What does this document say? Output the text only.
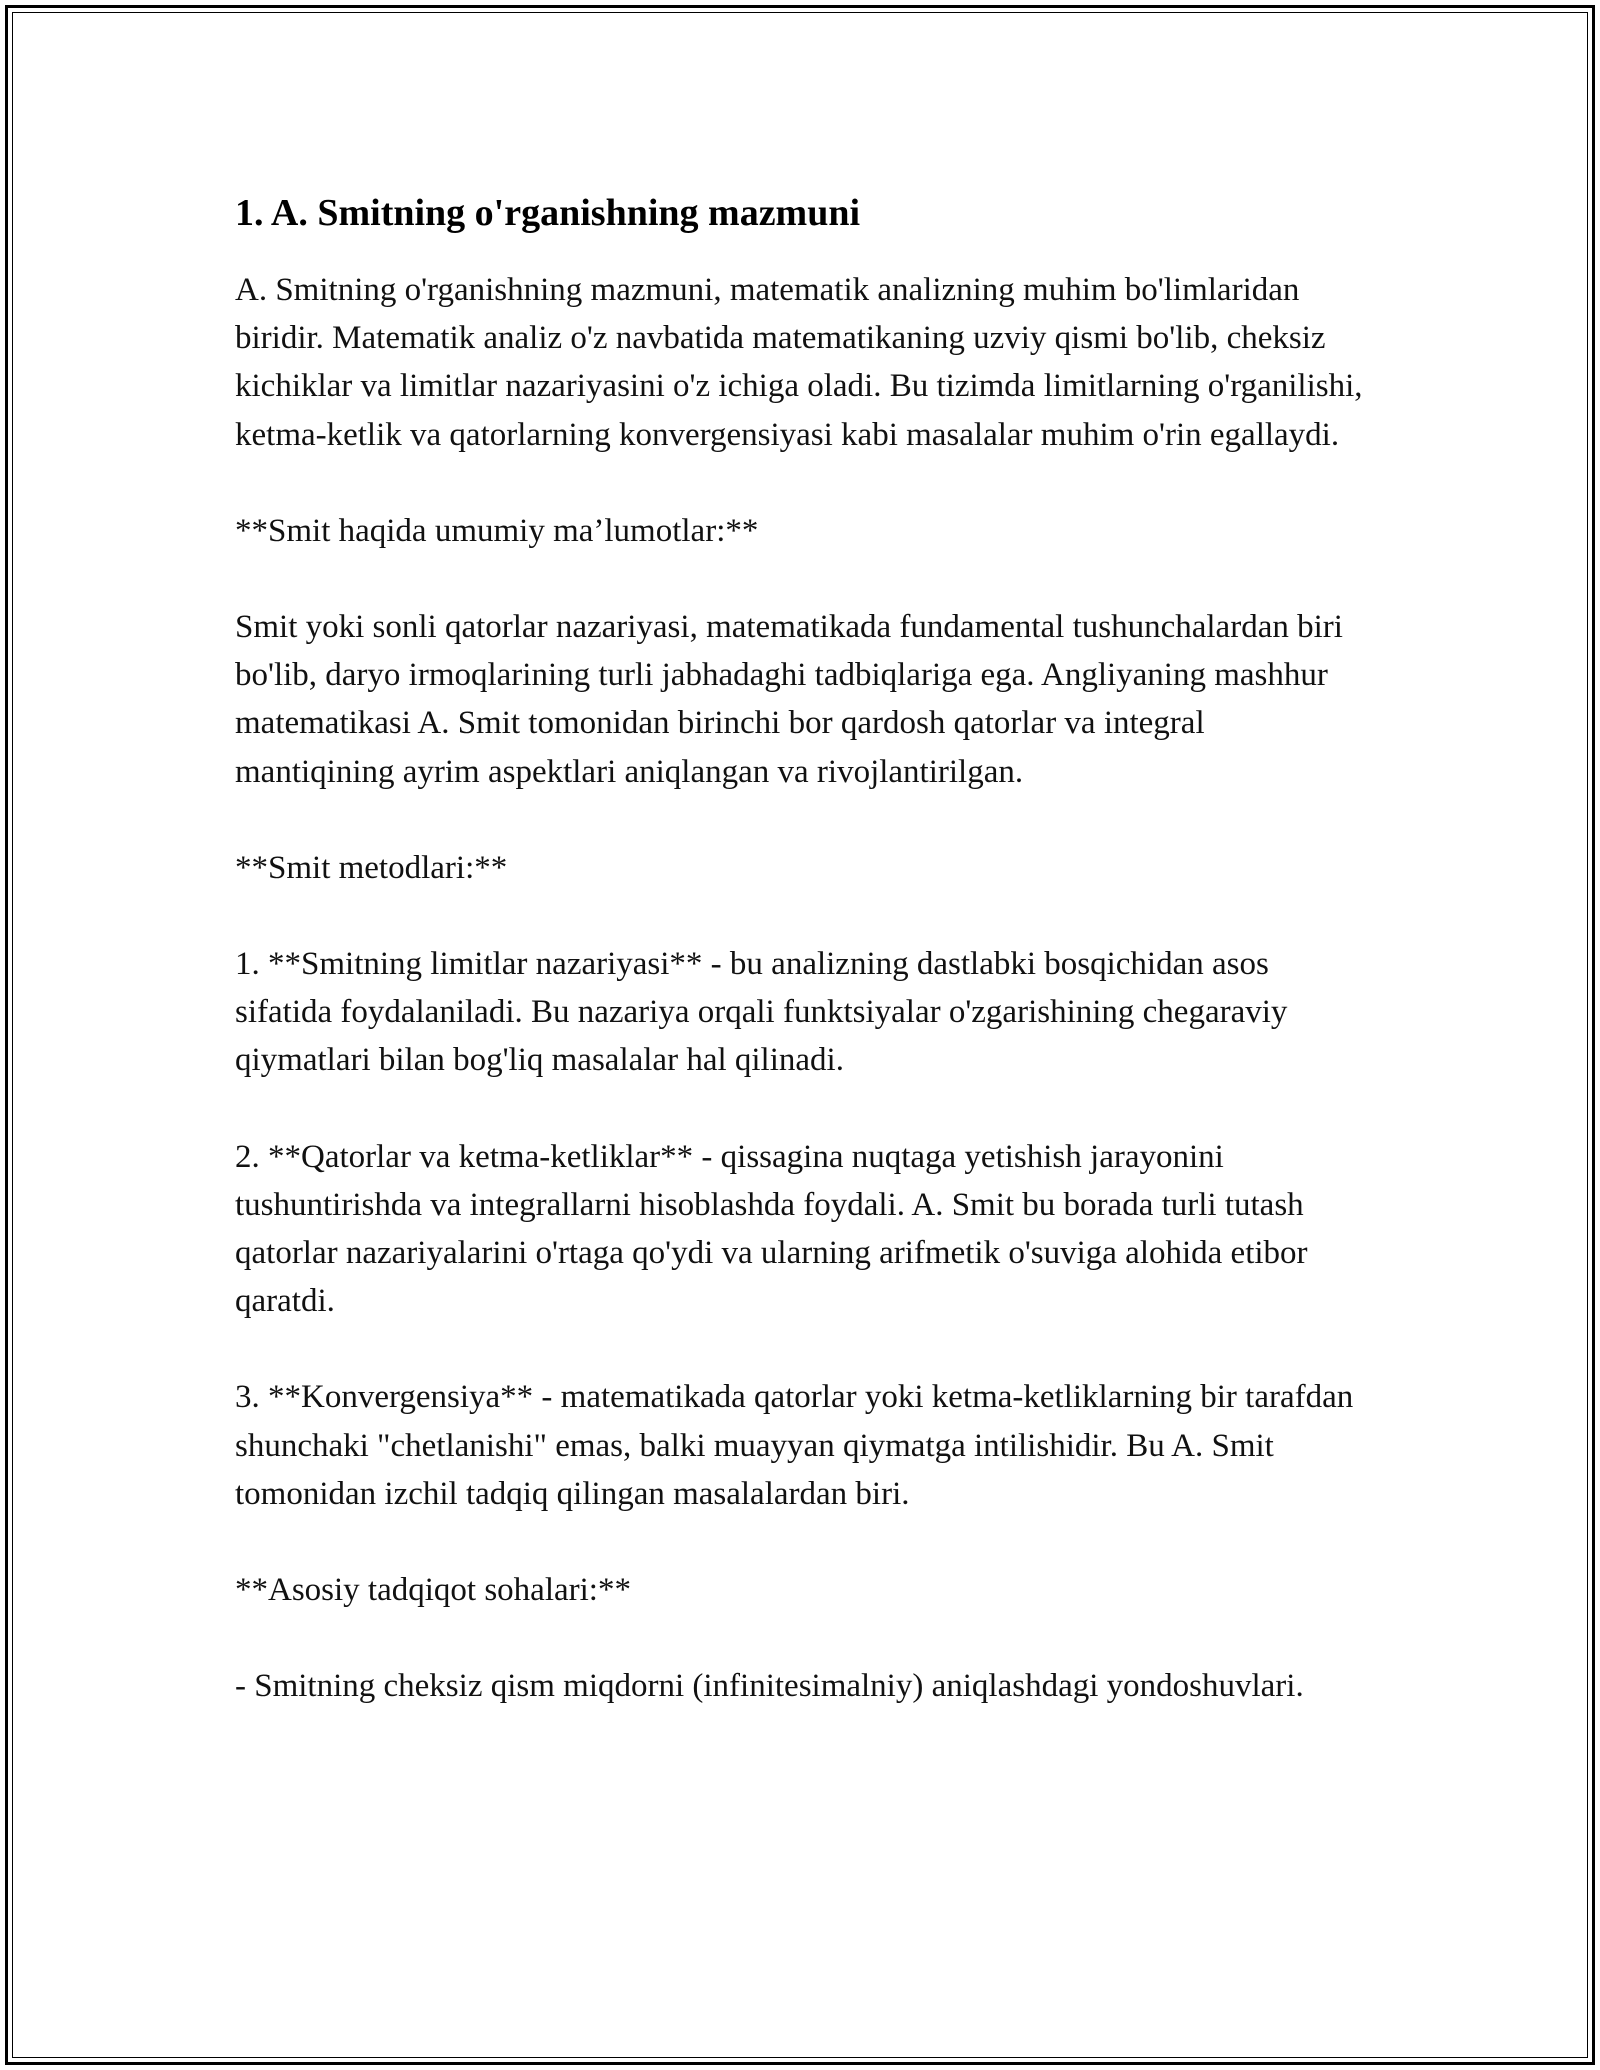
1. A. Smitning o'rganishning mazmuni

A. Smitning o'rganishning mazmuni, matematik analizning muhim bo'limlaridan biridir. Matematik analiz o'z navbatida matematikaning uzviy qismi bo'lib, cheksiz kichiklar va limitlar nazariyasini o'z ichiga oladi. Bu tizimda limitlarning o'rganilishi, ketma-ketlik va qatorlarning konvergensiyasi kabi masalalar muhim o'rin egallaydi.

**Smit haqida umumiy ma’lumotlar:**

Smit yoki sonli qatorlar nazariyasi, matematikada fundamental tushunchalardan biri bo'lib, daryo irmoqlarining turli jabhadaghi tadbiqlariga ega. Angliyaning mashhur matematikasi A. Smit tomonidan birinchi bor qardosh qatorlar va integral mantiqining ayrim aspektlari aniqlangan va rivojlantirilgan.

**Smit metodlari:**

1. **Smitning limitlar nazariyasi** - bu analizning dastlabki bosqichidan asos sifatida foydalaniladi. Bu nazariya orqali funktsiyalar o'zgarishining chegaraviy qiymatlari bilan bog'liq masalalar hal qilinadi.

2. **Qatorlar va ketma-ketliklar** - qissagina nuqtaga yetishish jarayonini tushuntirishda va integrallarni hisoblashda foydali. A. Smit bu borada turli tutash qatorlar nazariyalarini o'rtaga qo'ydi va ularning arifmetik o'suviga alohida etibor qaratdi.

3. **Konvergensiya** - matematikada qatorlar yoki ketma-ketliklarning bir tarafdan shunchaki "chetlanishi" emas, balki muayyan qiymatga intilishidir. Bu A. Smit tomonidan izchil tadqiq qilingan masalalardan biri.

**Asosiy tadqiqot sohalari:**

- Smitning cheksiz qism miqdorni (infinitesimalniy) aniqlashdagi yondoshuvlari.
